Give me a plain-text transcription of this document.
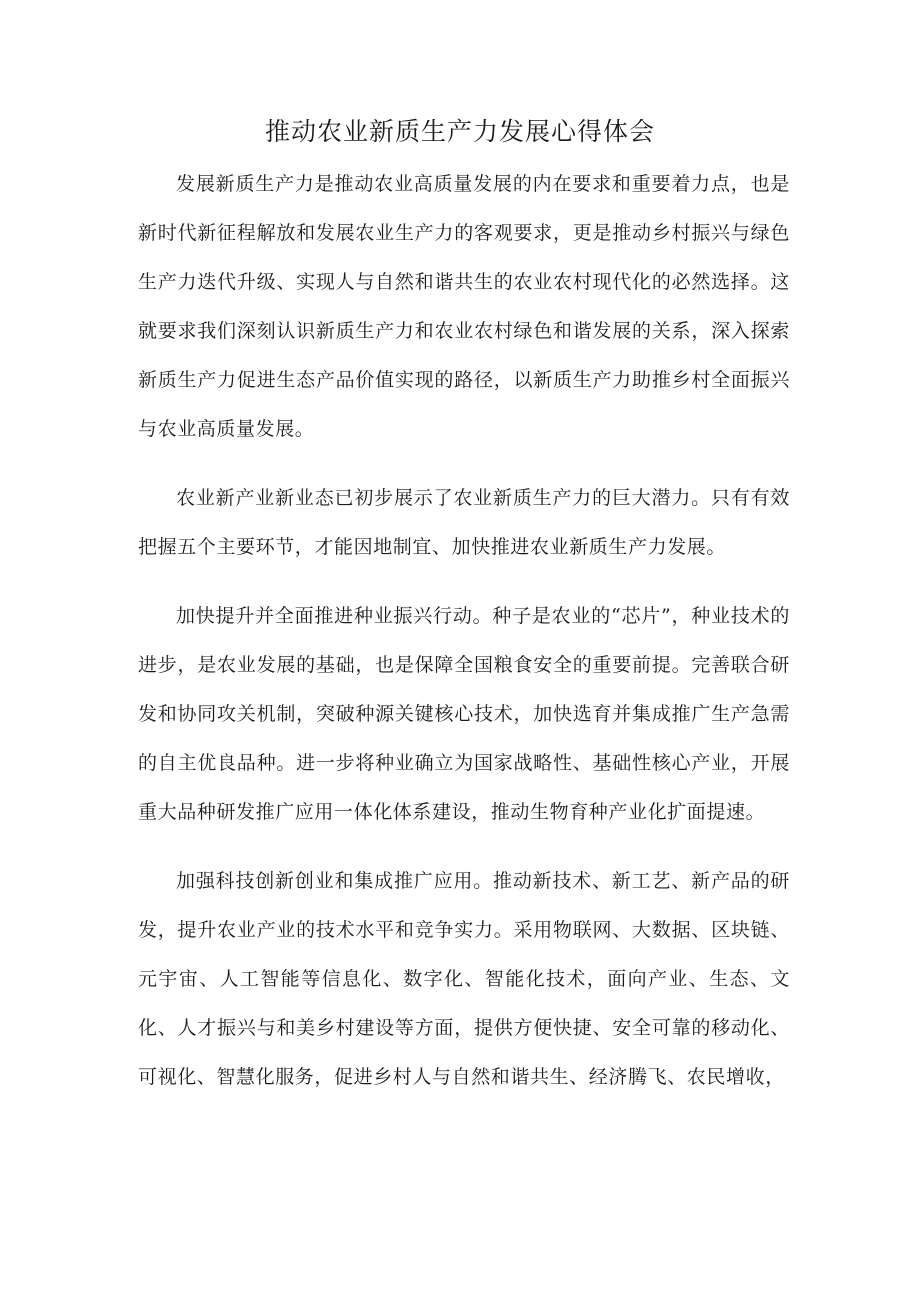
推动农业新质生产力发展心得体会

发展新质生产力是推动农业高质量发展的内在要求和重要着力点，也是新时代新征程解放和发展农业生产力的客观要求，更是推动乡村振兴与绿色生产力迭代升级、实现人与自然和谐共生的农业农村现代化的必然选择。这就要求我们深刻认识新质生产力和农业农村绿色和谐发展的关系，深入探索新质生产力促进生态产品价值实现的路径，以新质生产力助推乡村全面振兴与农业高质量发展。

农业新产业新业态已初步展示了农业新质生产力的巨大潜力。只有有效把握五个主要环节，才能因地制宜、加快推进农业新质生产力发展。

加快提升并全面推进种业振兴行动。种子是农业的“芯片”，种业技术的进步，是农业发展的基础，也是保障全国粮食安全的重要前提。完善联合研发和协同攻关机制，突破种源关键核心技术，加快选育并集成推广生产急需的自主优良品种。进一步将种业确立为国家战略性、基础性核心产业，开展重大品种研发推广应用一体化体系建设，推动生物育种产业化扩面提速。

加强科技创新创业和集成推广应用。推动新技术、新工艺、新产品的研发，提升农业产业的技术水平和竞争实力。采用物联网、大数据、区块链、元宇宙、人工智能等信息化、数字化、智能化技术，面向产业、生态、文化、人才振兴与和美乡村建设等方面，提供方便快捷、安全可靠的移动化、可视化、智慧化服务，促进乡村人与自然和谐共生、经济腾飞、农民增收，
